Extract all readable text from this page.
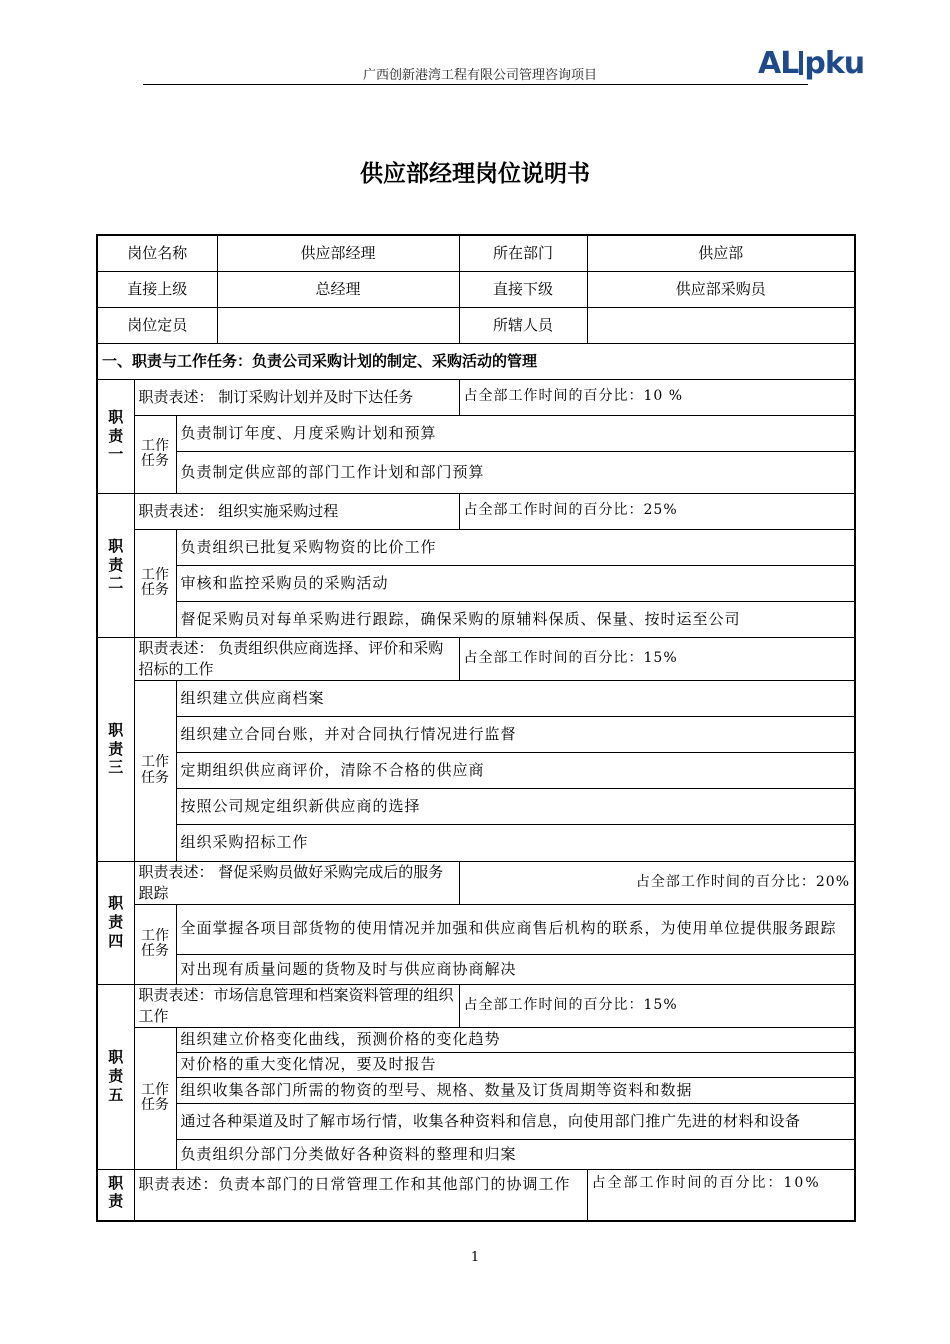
广西创新港湾工程有限公司管理咨询项目	AL pku
供应部经理岗位说明书
岗位名称			供应部经理	所在部门	供应部
直接上级			总经理	直接下级	供应部采购员
岗位定员				所辖人员	
一、职责与工作任务：负责公司采购计划的制定、采购活动的管理					
职责一	职责表述： 制订采购计划并及时下达任务			占全部工作时间的百分比：10 %	
	工作任务	负责制订年度、月度采购计划和预算			
		负责制定供应部的部门工作计划和部门预算			
职责二	职责表述： 组织实施采购过程			占全部工作时间的百分比：25%	
	工作任务	负责组织已批复采购物资的比价工作			
		审核和监控采购员的采购活动			
		督促采购员对每单采购进行跟踪，确保采购的原辅料保质、保量、按时运至公司			
职责三	职责表述： 负责组织供应商选择、评价和采购招标的工作			占全部工作时间的百分比：15%	
	工作任务	组织建立供应商档案			
		组织建立合同台账，并对合同执行情况进行监督			
		定期组织供应商评价，清除不合格的供应商			
		按照公司规定组织新供应商的选择			
		组织采购招标工作			
职责四	职责表述： 督促采购员做好采购完成后的服务跟踪			占全部工作时间的百分比：20%	
	工作任务	全面掌握各项目部货物的使用情况并加强和供应商售后机构的联系，为使用单位提供服务跟踪			
		对出现有质量问题的货物及时与供应商协商解决			
职责五	职责表述：市场信息管理和档案资料管理的组织工作			占全部工作时间的百分比：15%	
	工作任务	组织建立价格变化曲线，预测价格的变化趋势			
		对价格的重大变化情况，要及时报告			
		组织收集各部门所需的物资的型号、规格、数量及订货周期等资料和数据			
		通过各种渠道及时了解市场行情，收集各种资料和信息，向使用部门推广先进的材料和设备			
		负责组织分部门分类做好各种资料的整理和归案			
职责	职责表述：负责本部门的日常管理工作和其他部门的协调工作				占全部工作时间的百分比：10%
1
